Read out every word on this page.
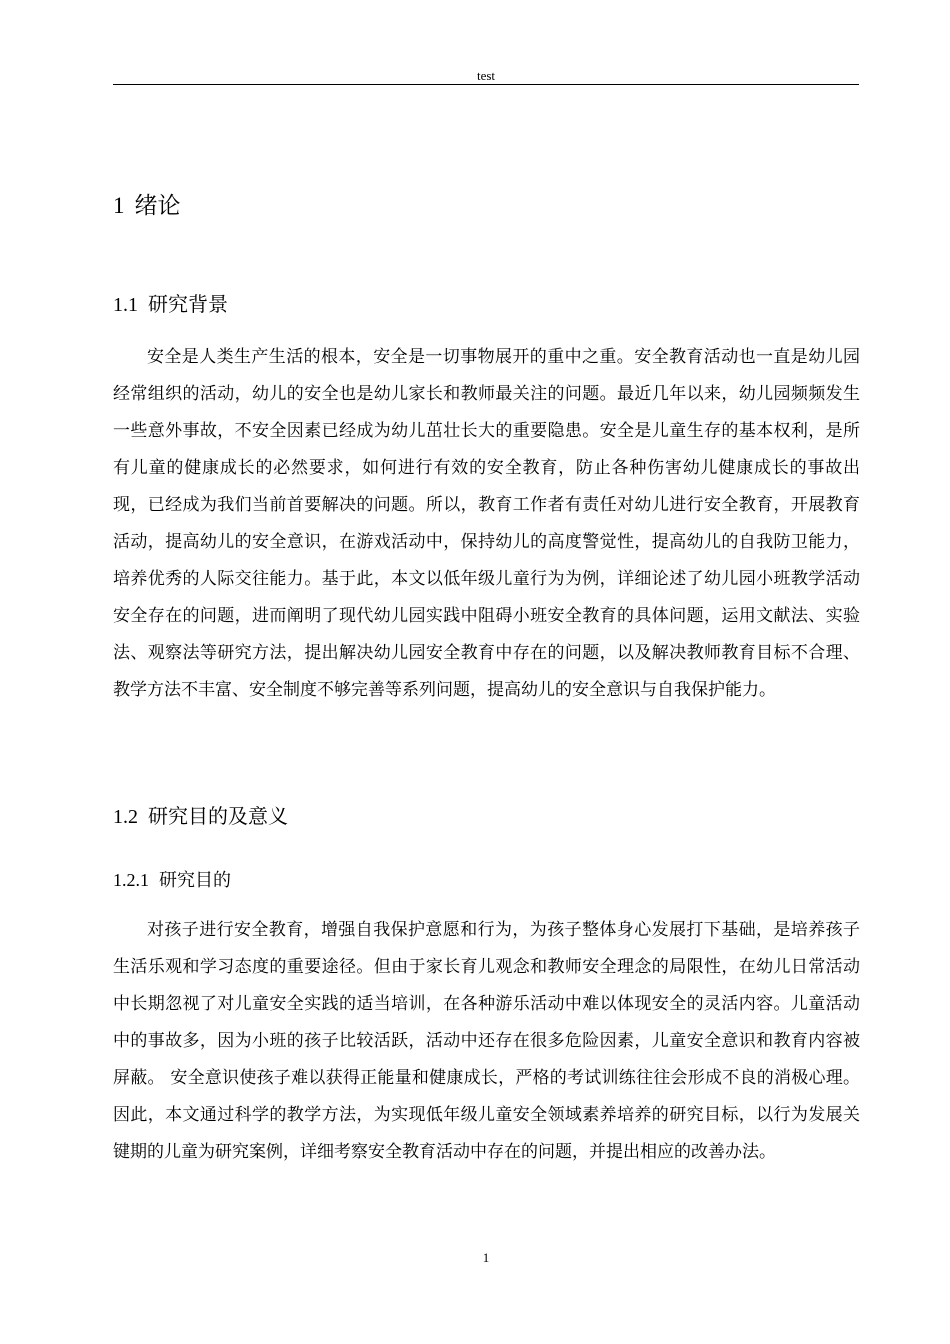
test
1 绪论
1.1 研究背景

安全是人类生产生活的根本，安全是一切事物展开的重中之重。安全教育活动也一直是幼儿园经常组织的活动，幼儿的安全也是幼儿家长和教师最关注的问题。最近几年以来，幼儿园频频发生一些意外事故，不安全因素已经成为幼儿茁壮长大的重要隐患。安全是儿童生存的基本权利，是所有儿童的健康成长的必然要求，如何进行有效的安全教育，防止各种伤害幼儿健康成长的事故出现，已经成为我们当前首要解决的问题。所以，教育工作者有责任对幼儿进行安全教育，开展教育活动，提高幼儿的安全意识，在游戏活动中，保持幼儿的高度警觉性，提高幼儿的自我防卫能力，培养优秀的人际交往能力。基于此，本文以低年级儿童行为为例，详细论述了幼儿园小班教学活动安全存在的问题，进而阐明了现代幼儿园实践中阻碍小班安全教育的具体问题，运用文献法、实验法、观察法等研究方法，提出解决幼儿园安全教育中存在的问题，以及解决教师教育目标不合理、教学方法不丰富、安全制度不够完善等系列问题，提高幼儿的安全意识与自我保护能力。

1.2 研究目的及意义
1.2.1 研究目的

对孩子进行安全教育，增强自我保护意愿和行为，为孩子整体身心发展打下基础，是培养孩子生活乐观和学习态度的重要途径。但由于家长育儿观念和教师安全理念的局限性，在幼儿日常活动中长期忽视了对儿童安全实践的适当培训，在各种游乐活动中难以体现安全的灵活内容。儿童活动中的事故多，因为小班的孩子比较活跃，活动中还存在很多危险因素，儿童安全意识和教育内容被屏蔽。 安全意识使孩子难以获得正能量和健康成长，严格的考试训练往往会形成不良的消极心理。 因此，本文通过科学的教学方法，为实现低年级儿童安全领域素养培养的研究目标，以行为发展关键期的儿童为研究案例，详细考察安全教育活动中存在的问题，并提出相应的改善办法。

1
